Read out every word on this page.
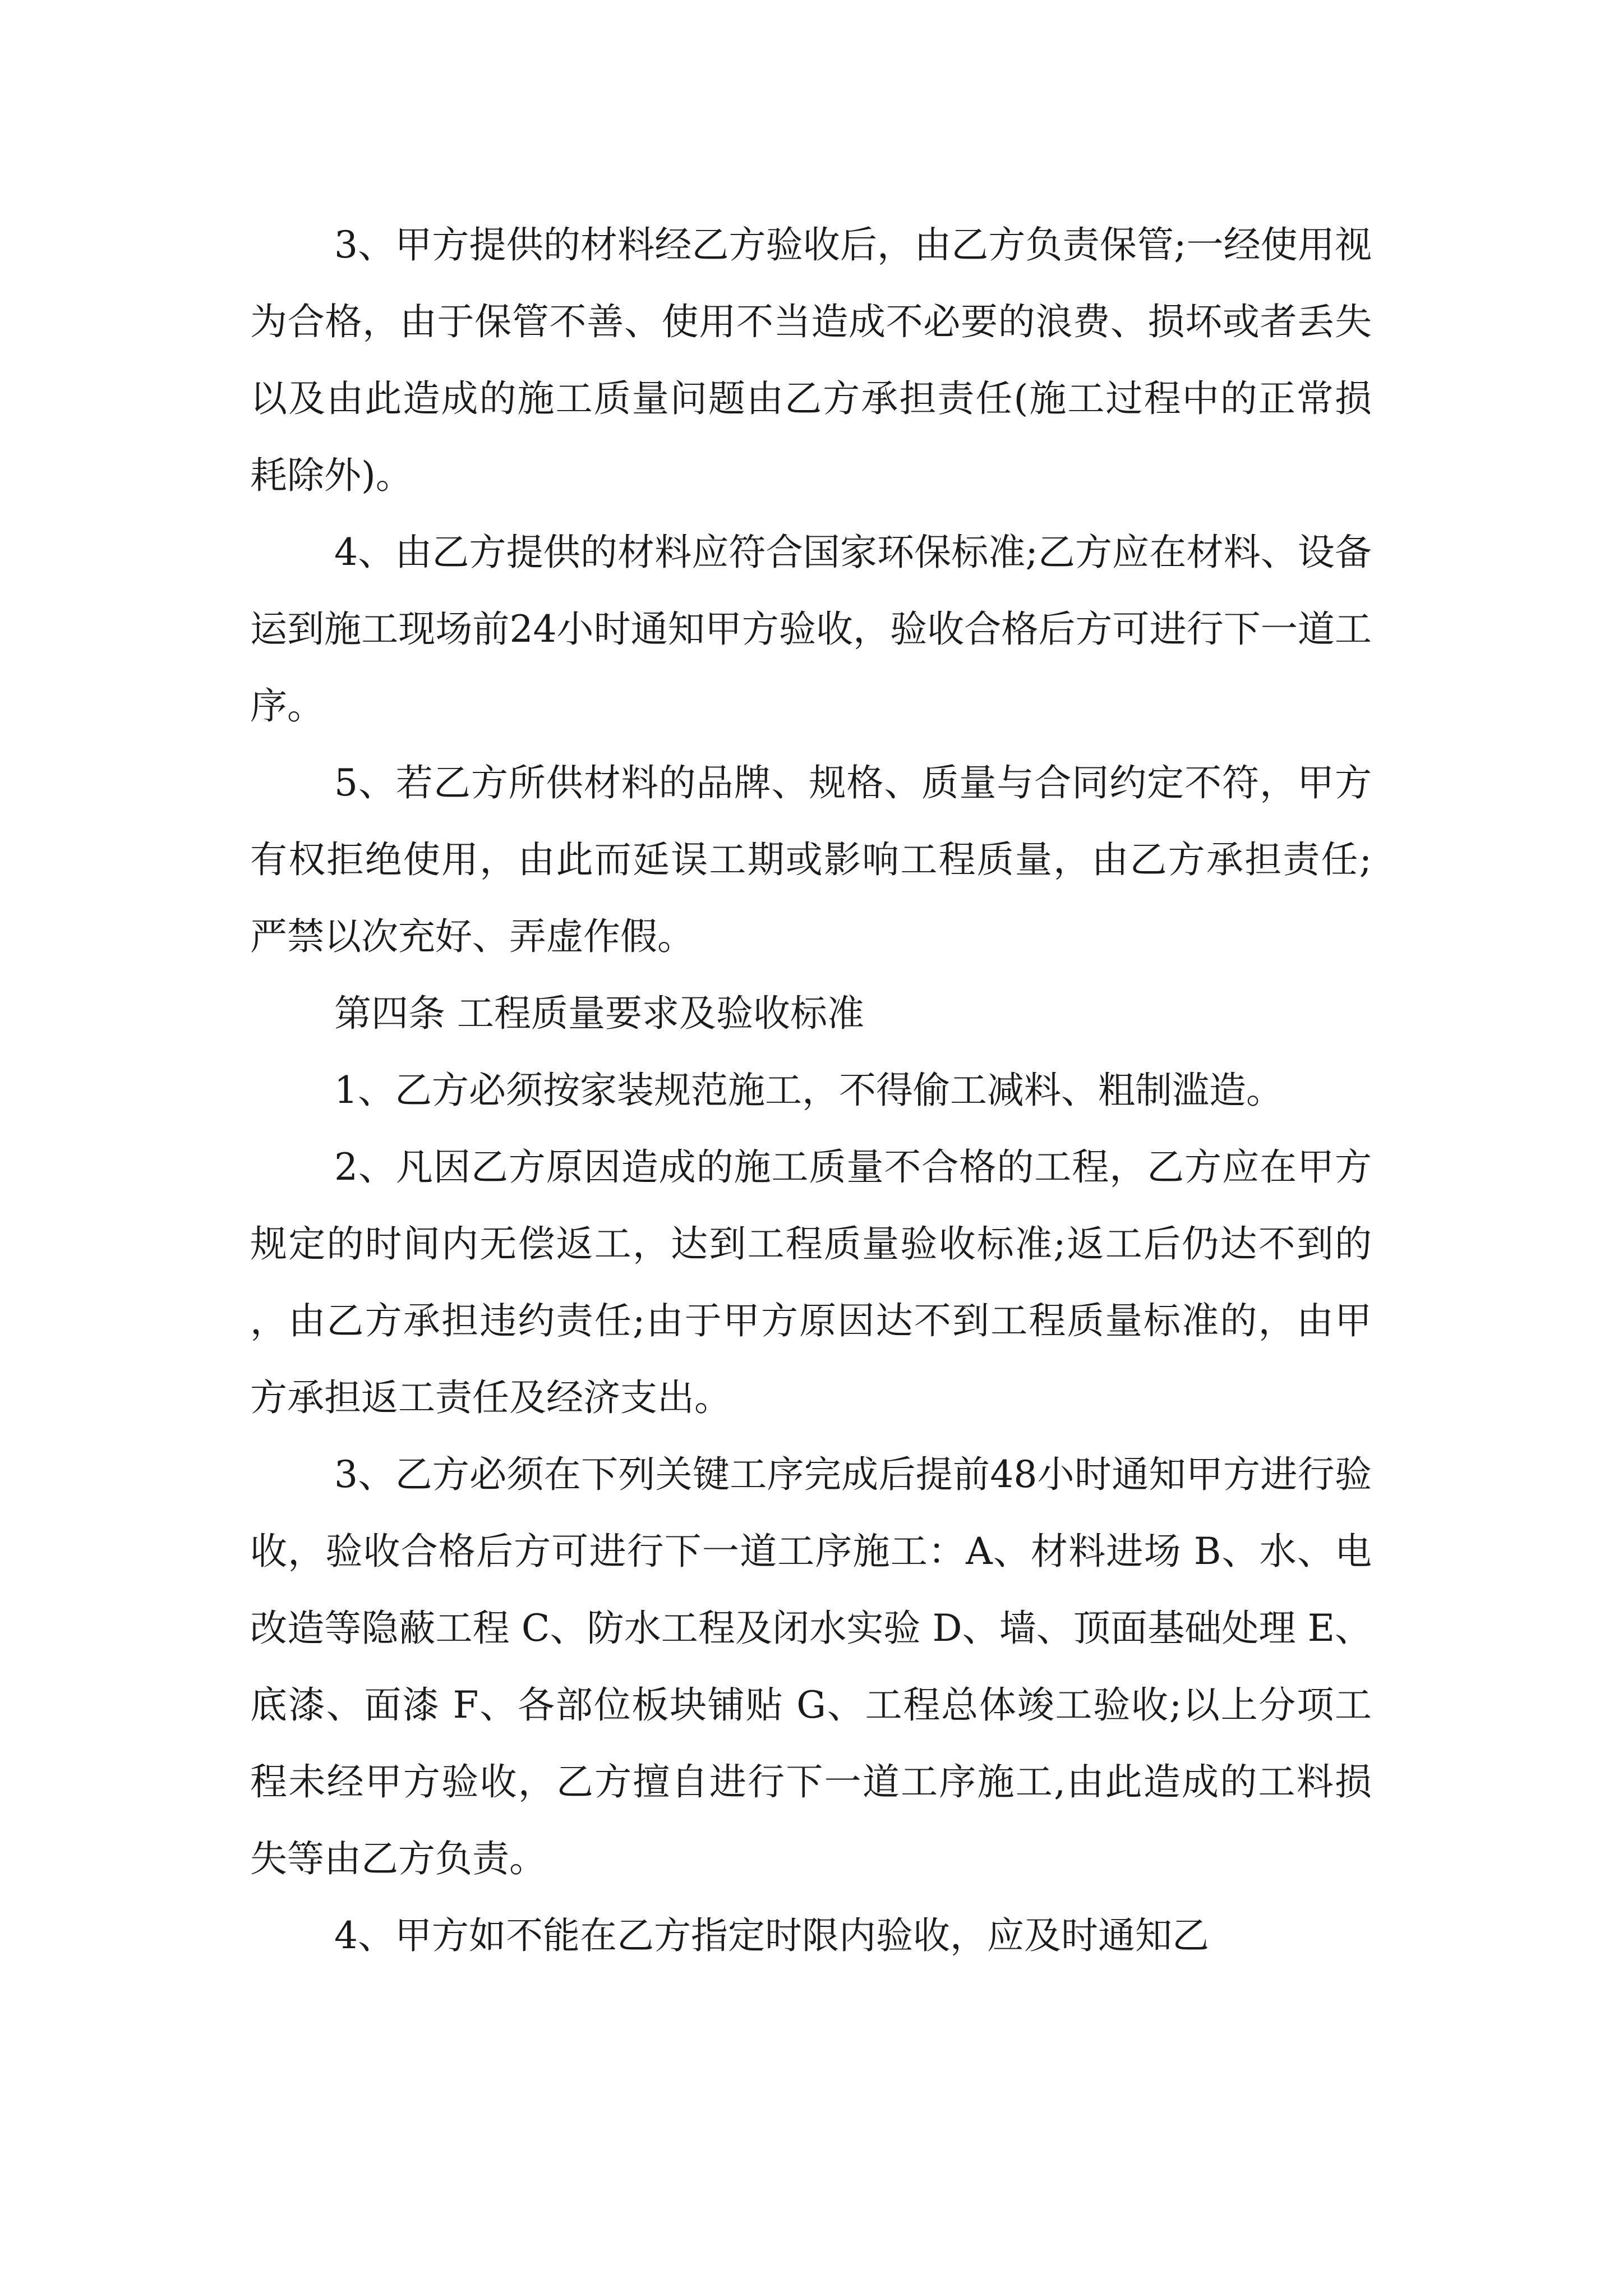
3、甲方提供的材料经乙方验收后，由乙方负责保管;一经使用视为合格，由于保管不善、使用不当造成不必要的浪费、损坏或者丢失以及由此造成的施工质量问题由乙方承担责任(施工过程中的正常损耗除外)。

4、由乙方提供的材料应符合国家环保标准;乙方应在材料、设备运到施工现场前24小时通知甲方验收，验收合格后方可进行下一道工序。

5、若乙方所供材料的品牌、规格、质量与合同约定不符，甲方有权拒绝使用，由此而延误工期或影响工程质量，由乙方承担责任;严禁以次充好、弄虚作假。

第四条 工程质量要求及验收标准

1、乙方必须按家装规范施工，不得偷工减料、粗制滥造。

2、凡因乙方原因造成的施工质量不合格的工程，乙方应在甲方规定的时间内无偿返工，达到工程质量验收标准;返工后仍达不到的，由乙方承担违约责任;由于甲方原因达不到工程质量标准的，由甲方承担返工责任及经济支出。

3、乙方必须在下列关键工序完成后提前48小时通知甲方进行验收，验收合格后方可进行下一道工序施工：A、材料进场 B、水、电改造等隐蔽工程 C、防水工程及闭水实验 D、墙、顶面基础处理 E、底漆、面漆 F、各部位板块铺贴 G、工程总体竣工验收;以上分项工程未经甲方验收，乙方擅自进行下一道工序施工,由此造成的工料损失等由乙方负责。

4、甲方如不能在乙方指定时限内验收，应及时通知乙
